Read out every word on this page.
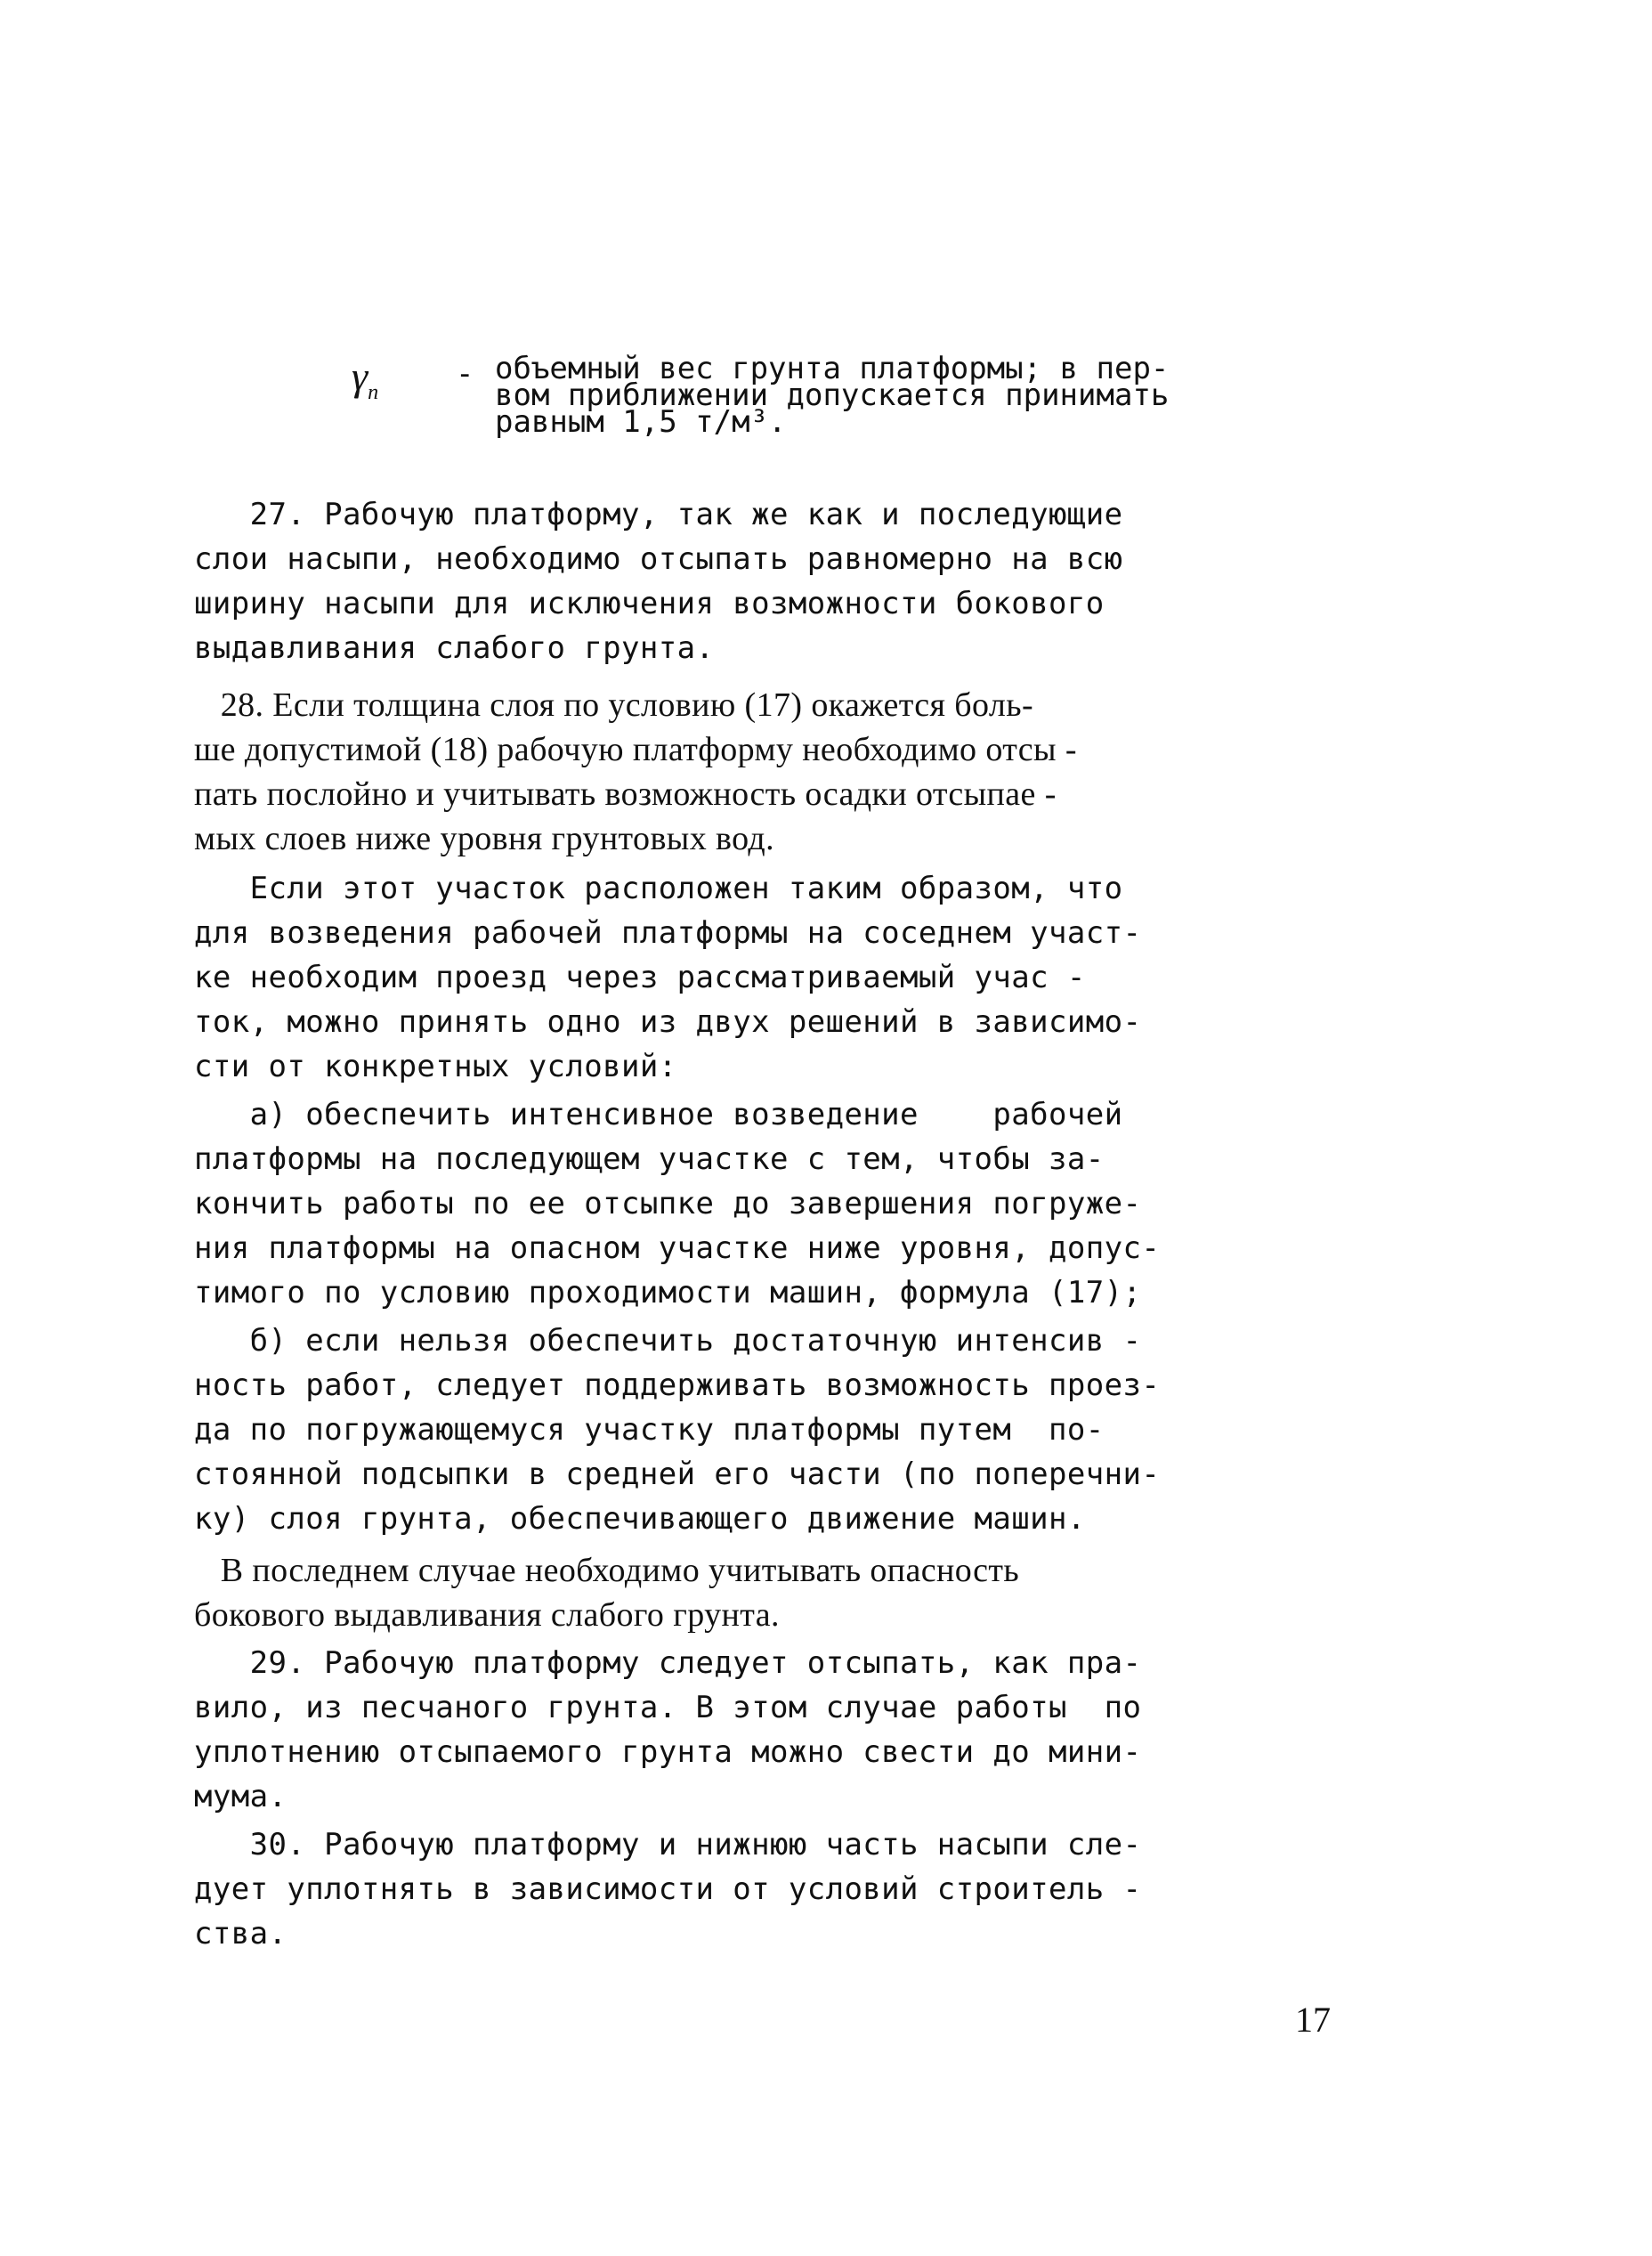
$\gamma_п$
- объемный вес грунта платформы; в пер-
вом приближении допускается принимать
равным 1,5 т/м³.
27. Рабочую платформу, так же как и последующие
слои насыпи, необходимо отсыпать равномерно на всю
ширину насыпи для исключения возможности бокового
выдавливания слабого грунта.
28. Если толщина слоя по условию (17) окажется боль-
ше допустимой (18) рабочую платформу необходимо отсы -
пать послойно и учитывать возможность осадки отсыпае -
мых слоев ниже уровня грунтовых вод.
Если этот участок расположен таким образом, что
для возведения рабочей платформы на соседнем участ-
ке необходим проезд через рассматриваемый учас -
ток, можно принять одно из двух решений в зависимо-
сти от конкретных условий:
а) обеспечить интенсивное возведение    рабочей
платформы на последующем участке с тем, чтобы за-
кончить работы по ее отсыпке до завершения погруже-
ния платформы на опасном участке ниже уровня, допус-
тимого по условию проходимости машин, формула (17);
б) если нельзя обеспечить достаточную интенсив -
ность работ, следует поддерживать возможность проез-
да по погружающемуся участку платформы путем  по-
стоянной подсыпки в средней его части (по поперечни-
ку) слоя грунта, обеспечивающего движение машин.
В последнем случае необходимо учитывать опасность
бокового выдавливания слабого грунта.
29. Рабочую платформу следует отсыпать, как пра-
вило, из песчаного грунта. В этом случае работы  по
уплотнению отсыпаемого грунта можно свести до мини-
мума.
30. Рабочую платформу и нижнюю часть насыпи сле-
дует уплотнять в зависимости от условий строитель -
ства.
17
